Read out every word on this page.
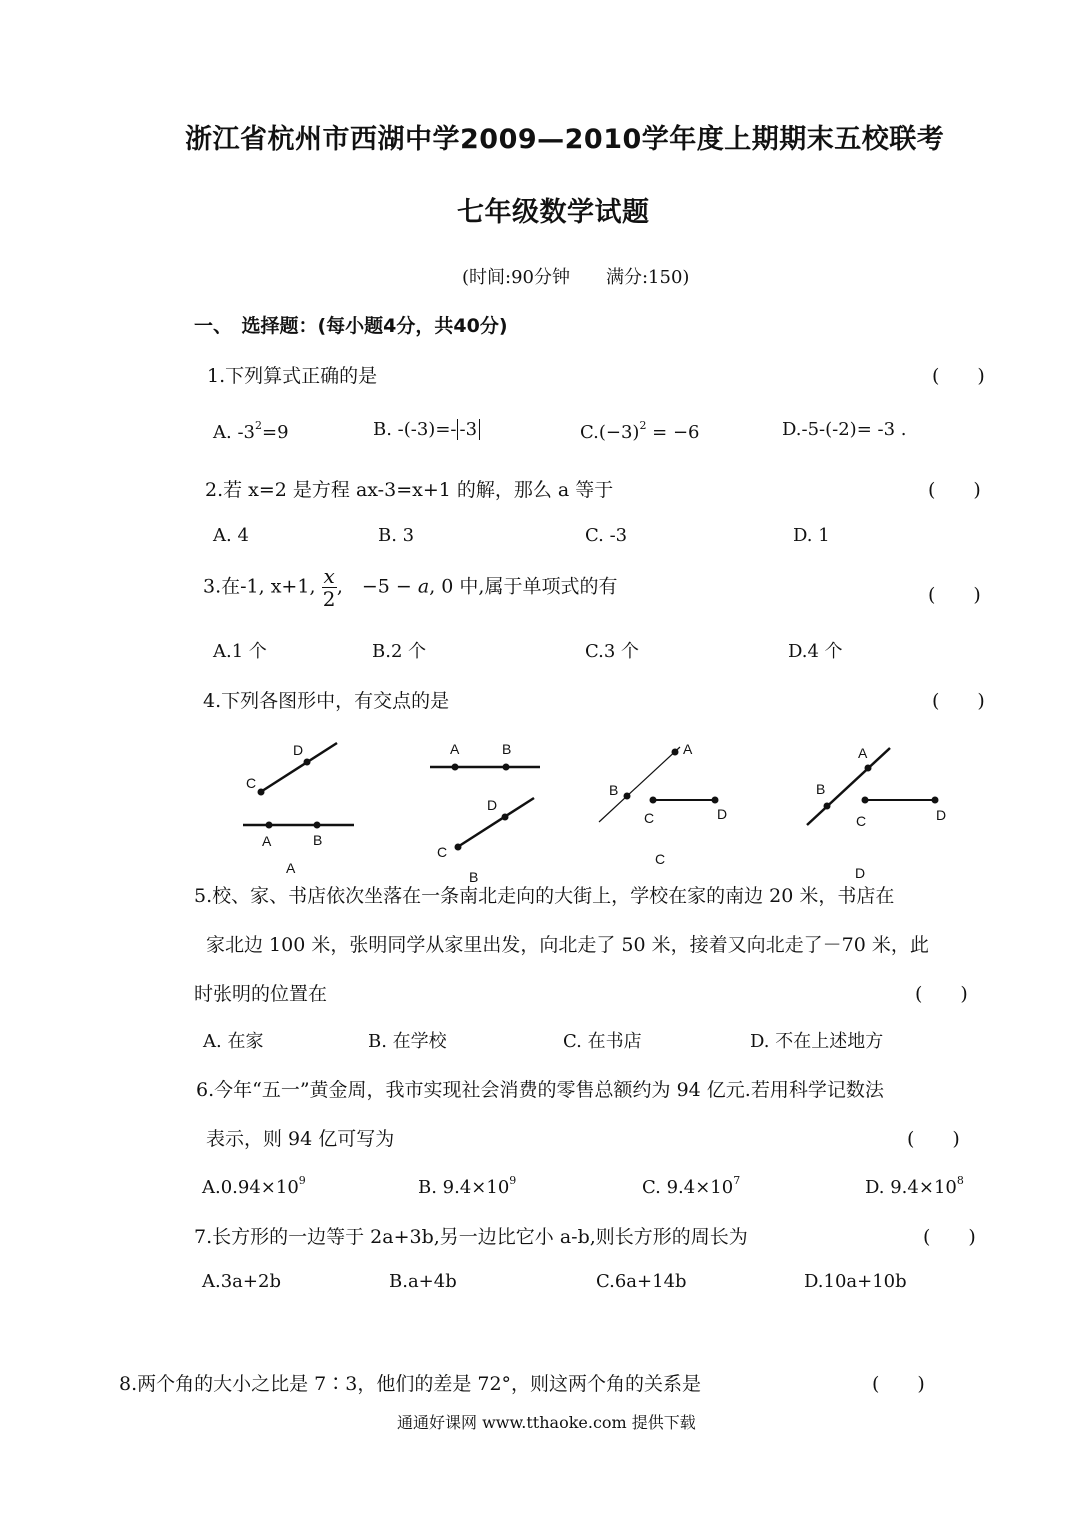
浙江省杭州市西湖中学2009—2010学年度上期期末五校联考
七年级数学试题
(时间:90分钟　　满分:150)
一、　选择题：(每小题4分，共40分)
1.下列算式正确的是	(　　)
A. $-3^2=9$	B. -(-3)=- -3	$C.(-3)^2 = -6$	D.-5-(-2)= -3 .
2.若 x=2 是方程 ax-3=x+1 的解，那么 a 等于	(　　)
A. 4	B. 3	C. -3	D. 1
3.在-1, x+1, $\frac{x}{2}$ ,　−5 − a, 0 中,属于单项式的有	(　　)
A.1 个	B.2 个	C.3 个	D.4 个
4.下列各图形中，有交点的是	(　　)
C
D
A	B
A
A	B
C
D
B
A
B
C	D
C
A
B
C	D
D
5.校、家、书店依次坐落在一条南北走向的大街上，学校在家的南边 20 米，书店在
家北边 100 米，张明同学从家里出发，向北走了 50 米，接着又向北走了－70 米，此
时张明的位置在	(　　)
A. 在家	B. 在学校	C. 在书店	D. 不在上述地方
6.今年“五一”黄金周，我市实现社会消费的零售总额约为 94 亿元.若用科学记数法
表示，则 94 亿可写为	(　　)
$A.0.94\times 10^9$	B. $9.4\times 10^9$	C. $9.4\times 10^7$	D. $9.4\times 10^8$
7.长方形的一边等于 2a+3b,另一边比它小 a-b,则长方形的周长为	(　　)
A.3a+2b	B.a+4b	C.6a+14b	D.10a+10b
8.两个角的大小之比是 7∶3，他们的差是 72°，则这两个角的关系是	(　　)
通通好课网 www.tthaoke.com 提供下载
